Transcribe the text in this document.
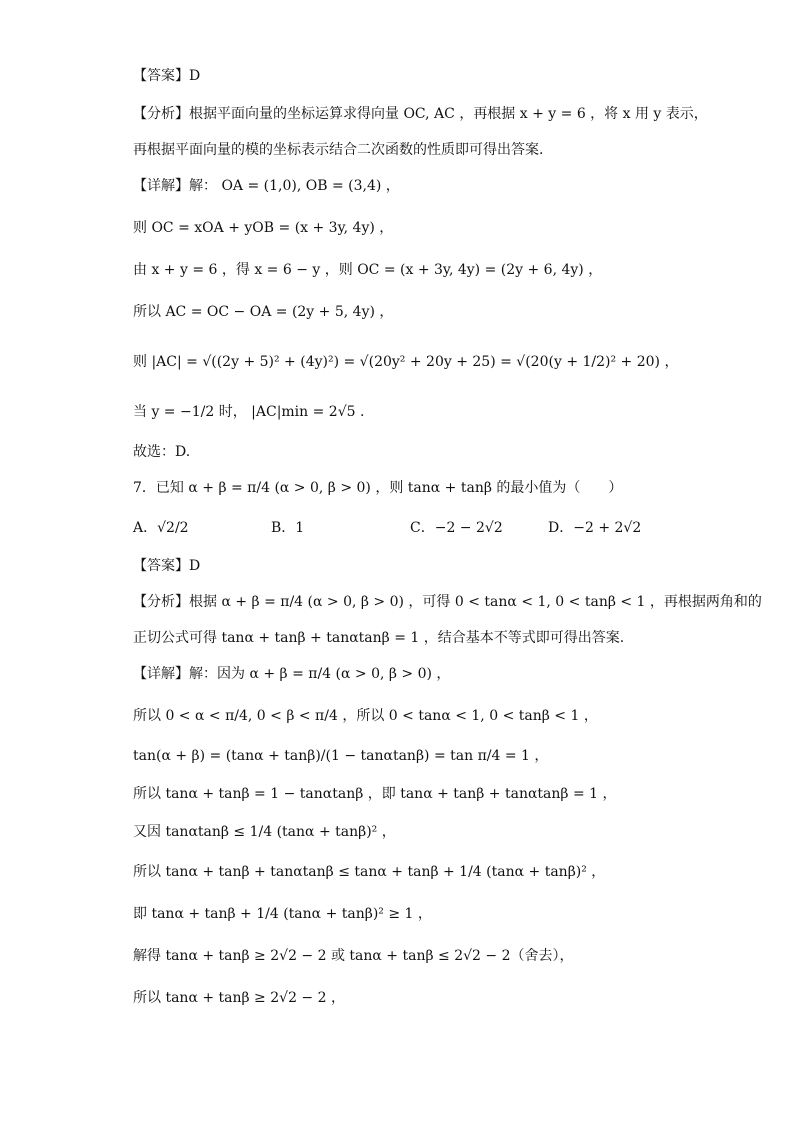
【答案】D
【分析】根据平面向量的坐标运算求得向量 OC, AC ，再根据 x + y = 6 ，将 x 用 y 表示，
再根据平面向量的模的坐标表示结合二次函数的性质即可得出答案.
【详解】解： OA = (1,0), OB = (3,4) ，
则 OC = xOA + yOB = (x + 3y, 4y) ，
由 x + y = 6 ，得 x = 6 − y ，则 OC = (x + 3y, 4y) = (2y + 6, 4y) ，
所以 AC = OC − OA = (2y + 5, 4y) ，
则 |AC| = √((2y + 5)² + (4y)²) = √(20y² + 20y + 25) = √(20(y + 1/2)² + 20) ，
当 y = −1/2 时， |AC|min = 2√5 .
故选：D.
7．已知 α + β = π/4 (α > 0, β > 0) ，则 tanα + tanβ 的最小值为（　　）
A．√2/2	B．1	C．−2 − 2√2	D．−2 + 2√2
【答案】D
【分析】根据 α + β = π/4 (α > 0, β > 0) ，可得 0 < tanα < 1, 0 < tanβ < 1 ，再根据两角和的
正切公式可得 tanα + tanβ + tanαtanβ = 1 ，结合基本不等式即可得出答案.
【详解】解：因为 α + β = π/4 (α > 0, β > 0) ，
所以 0 < α < π/4, 0 < β < π/4 ，所以 0 < tanα < 1, 0 < tanβ < 1 ，
tan(α + β) = (tanα + tanβ)/(1 − tanαtanβ) = tan π/4 = 1 ，
所以 tanα + tanβ = 1 − tanαtanβ ，即 tanα + tanβ + tanαtanβ = 1 ，
又因 tanαtanβ ≤ 1/4 (tanα + tanβ)² ，
所以 tanα + tanβ + tanαtanβ ≤ tanα + tanβ + 1/4 (tanα + tanβ)² ，
即 tanα + tanβ + 1/4 (tanα + tanβ)² ≥ 1 ，
解得 tanα + tanβ ≥ 2√2 − 2 或 tanα + tanβ ≤ 2√2 − 2（舍去），
所以 tanα + tanβ ≥ 2√2 − 2 ，
